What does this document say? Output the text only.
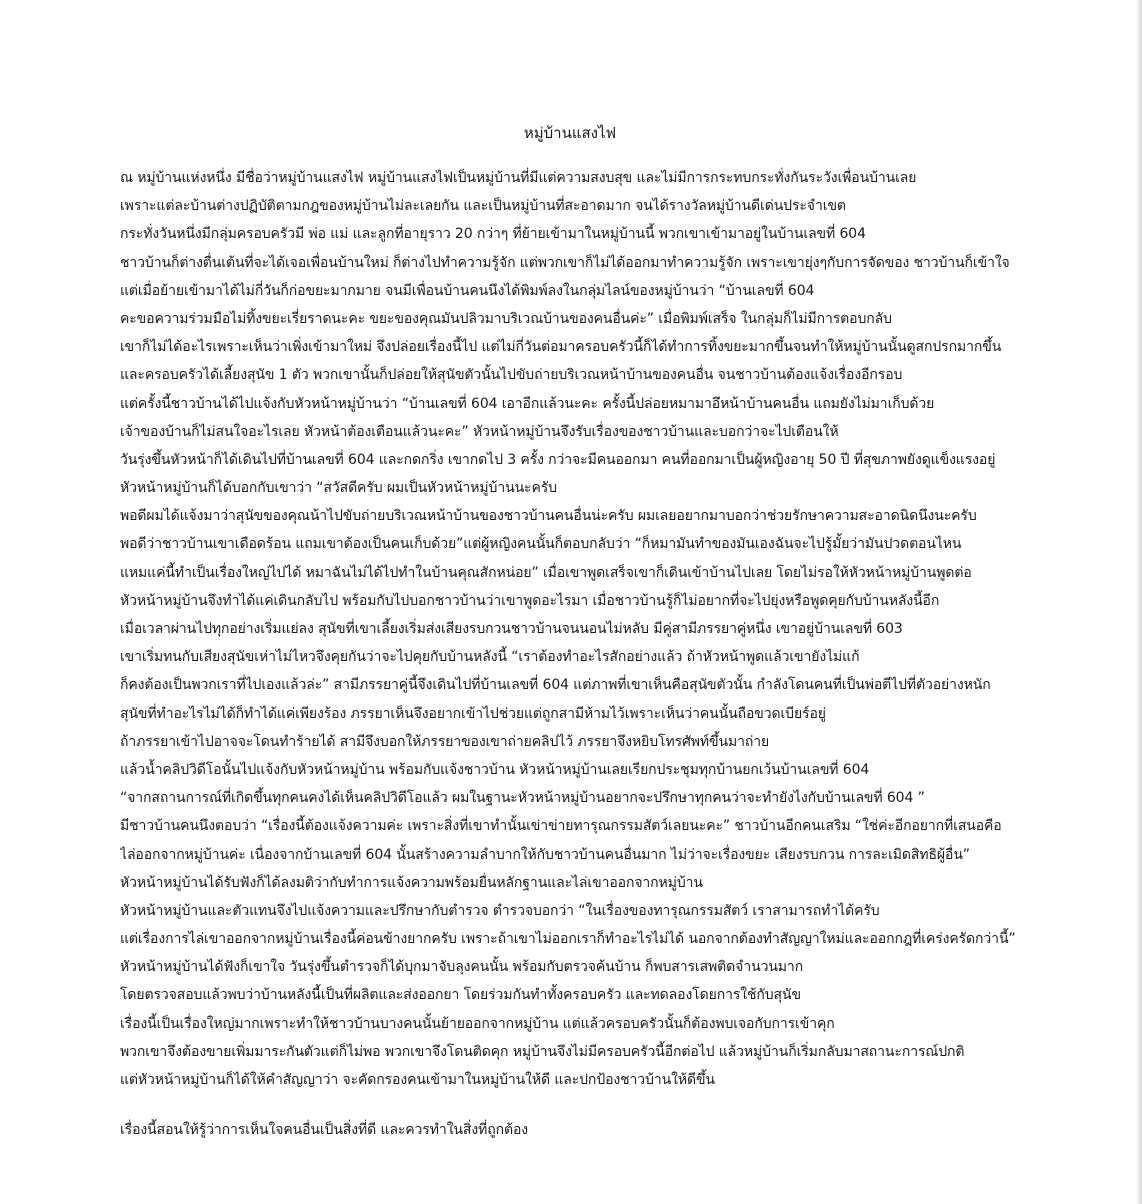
หมู่บ้านแสงไฟ
ณ หมู่บ้านแห่งหนึ่ง มีชื่อว่าหมู่บ้านแสงไฟ หมู่บ้านแสงไฟเป็นหมู่บ้านที่มีแต่ความสงบสุข และไม่มีการกระทบกระทั่งกันระวังเพื่อนบ้านเลย
เพราะแต่ละบ้านต่างปฏิบัติตามกฎของหมู่บ้านไม่ละเลยกัน และเป็นหมู่บ้านที่สะอาดมาก จนได้รางวัลหมู่บ้านดีเด่นประจำเขต
กระทั่งวันหนึ่งมีกลุ่มครอบครัวมี พ่อ แม่ และลูกที่อายุราว 20 กว่าๆ ที่ย้ายเข้ามาในหมู่บ้านนี้ พวกเขาเข้ามาอยู่ในบ้านเลขที่ 604
ชาวบ้านก็ต่างตื่นเต้นที่จะได้เจอเพื่อนบ้านใหม่ ก็ต่างไปทำความรู้จัก แต่พวกเขาก็ไม่ได้ออกมาทำความรู้จัก เพราะเขายุ่งๆกับการจัดของ ชาวบ้านก็เข้าใจ
แต่เมื่อย้ายเข้ามาได้ไม่กี่วันก็ก่อขยะมากมาย จนมีเพื่อนบ้านคนนึงได้พิมพ์ลงในกลุ่มไลน์ของหมู่บ้านว่า “บ้านเลขที่ 604
คะขอความร่วมมือไม่ทิ้งขยะเรี่ยราดนะคะ ขยะของคุณมันปลิวมาบริเวณบ้านของคนอื่นค่ะ” เมื่อพิมพ์เสร็จ ในกลุ่มก็ไม่มีการตอบกลับ
เขาก็ไม่ได้อะไรเพราะเห็นว่าเพิ่งเข้ามาใหม่ จึงปล่อยเรื่องนี้ไป แต่ไม่กี่วันต่อมาครอบครัวนี้ก็ได้ทำการทิ้งขยะมากขึ้นจนทำให้หมู่บ้านนั้นดูสกปรกมากขึ้น
และครอบครัวได้เลี้ยงสุนัข 1 ตัว พวกเขานั้นก็ปล่อยให้สุนัขตัวนั้นไปขับถ่ายบริเวณหน้าบ้านของคนอื่น จนชาวบ้านต้องแจ้งเรื่องอีกรอบ
แต่ครั้งนี้ชาวบ้านได้ไปแจ้งกับหัวหน้าหมู่บ้านว่า “บ้านเลขที่ 604 เอาอีกแล้วนะคะ ครั้งนี้ปล่อยหมามาอึหน้าบ้านคนอื่น แถมยังไม่มาเก็บด้วย
เจ้าของบ้านก็ไม่สนใจอะไรเลย หัวหน้าต้องเตือนแล้วนะคะ” หัวหน้าหมู่บ้านจึงรับเรื่องของชาวบ้านและบอกว่าจะไปเตือนให้
วันรุ่งขึ้นหัวหน้าก็ได้เดินไปที่บ้านเลขที่ 604 และกดกริ่ง เขากดไป 3 ครั้ง กว่าจะมีคนออกมา คนที่ออกมาเป็นผู้หญิงอายุ 50 ปี ที่สุขภาพยังดูแข็งแรงอยู่
หัวหน้าหมู่บ้านก็ได้บอกกับเขาว่า “สวัสดีครับ ผมเป็นหัวหน้าหมู่บ้านนะครับ
พอดีผมได้แจ้งมาว่าสุนัขของคุณน้าไปขับถ่ายบริเวณหน้าบ้านของชาวบ้านคนอื่นน่ะครับ ผมเลยอยากมาบอกว่าช่วยรักษาความสะอาดนิดนึงนะครับ
พอดีว่าชาวบ้านเขาเดือดร้อน แถมเขาต้องเป็นคนเก็บด้วย”แต่ผู้หญิงคนนั้นก็ตอบกลับว่า “ก็หมามันทำของมันเองฉันจะไปรู้มั้ยว่ามันปวดตอนไหน
แหมแค่นี้ทำเป็นเรื่องใหญ่ไปได้ หมาฉันไม่ได้ไปทำในบ้านคุณสักหน่อย” เมื่อเขาพูดเสร็จเขาก็เดินเข้าบ้านไปเลย โดยไม่รอให้หัวหน้าหมู่บ้านพูดต่อ
หัวหน้าหมู่บ้านจึงทำได้แค่เดินกลับไป พร้อมกับไปบอกชาวบ้านว่าเขาพูดอะไรมา เมื่อชาวบ้านรู้ก็ไม่อยากที่จะไปยุ่งหรือพูดคุยกับบ้านหลังนี้อีก
เมื่อเวลาผ่านไปทุกอย่างเริ่มแย่ลง สุนัขที่เขาเลี้ยงเริ่มส่งเสียงรบกวนชาวบ้านจนนอนไม่หลับ มีคู่สามีภรรยาคู่หนึ่ง เขาอยู่บ้านเลขที่ 603
เขาเริ่มทนกับเสียงสุนัขเห่าไม่ไหวจึงคุยกันว่าจะไปคุยกับบ้านหลังนี้ “เราต้องทำอะไรสักอย่างแล้ว ถ้าหัวหน้าพูดแล้วเขายังไม่แก้
ก็คงต้องเป็นพวกเราที่ไปเองแล้วล่ะ” สามีภรรยาคู่นี้จึงเดินไปที่บ้านเลขที่ 604 แต่ภาพที่เขาเห็นคือสุนัขตัวนั้น กำลังโดนคนที่เป็นพ่อตีไปที่ตัวอย่างหนัก
สุนัขที่ทำอะไรไม่ได้ก็ทำได้แค่เพียงร้อง ภรรยาเห็นจึงอยากเข้าไปช่วยแต่ถูกสามีห้ามไว้เพราะเห็นว่าคนนั้นถือขวดเบียร์อยู่
ถ้าภรรยาเข้าไปอาจจะโดนทำร้ายได้ สามีจึงบอกให้ภรรยาของเขาถ่ายคลิปไว้ ภรรยาจึงหยิบโทรศัพท์ขึ้นมาถ่าย
แล้วน้ำคลิปวิดีโอนั้นไปแจ้งกับหัวหน้าหมู่บ้าน พร้อมกับแจ้งชาวบ้าน หัวหน้าหมู่บ้านเลยเรียกประชุมทุกบ้านยกเว้นบ้านเลขที่ 604
“จากสถานการณ์ที่เกิดขึ้นทุกคนคงได้เห็นคลิปวิดีโอแล้ว ผมในฐานะหัวหน้าหมู่บ้านอยากจะปรึกษาทุกคนว่าจะทำยังไงกับบ้านเลขที่ 604 ”
มีชาวบ้านคนนึงตอบว่า “เรื่องนี้ต้องแจ้งความค่ะ เพราะสิ่งที่เขาทำนั้นเข่าข่ายทารุณกรรมสัตว์เลยนะคะ” ชาวบ้านอีกคนเสริม “ใช่ค่ะอีกอยากที่เสนอคือ
ไล่ออกจากหมู่บ้านค่ะ เนื่องจากบ้านเลขที่ 604 นั้นสร้างความลำบากให้กับชาวบ้านคนอื่นมาก ไม่ว่าจะเรื่องขยะ เสียงรบกวน การละเมิดสิทธิผู้อื่น”
หัวหน้าหมู่บ้านได้รับฟังก็ได้ลงมติว่ากับทำการแจ้งความพร้อมยื่นหลักฐานและไล่เขาออกจากหมู่บ้าน
หัวหน้าหมู่บ้านและตัวแทนจึงไปแจ้งความและปรึกษากับตำรวจ ตำรวจบอกว่า “ในเรื่องของทารุณกรรมสัตว์ เราสามารถทำได้ครับ
แต่เรื่องการไล่เขาออกจากหมู่บ้านเรื่องนี้ค่อนข้างยากครับ เพราะถ้าเขาไม่ออกเราก็ทำอะไรไม่ได้ นอกจากต้องทำสัญญาใหม่และออกกฎที่เคร่งครัดกว่านี้”
หัวหน้าหมู่บ้านได้ฟังก็เขาใจ วันรุ่งขึ้นตำรวจก็ได้บุกมาจับลุงคนนั้น พร้อมกับตรวจค้นบ้าน ก็พบสารเสพติดจำนวนมาก
โดยตรวจสอบแล้วพบว่าบ้านหลังนี้เป็นที่ผลิตและส่งออกยา โดยร่วมกันทำทั้งครอบครัว และทดลองโดยการใช้กับสุนัข
เรื่องนี้เป็นเรื่องใหญ่มากเพราะทำให้ชาวบ้านบางคนนั้นย้ายออกจากหมู่บ้าน แต่แล้วครอบครัวนั้นก็ต้องพบเจอกับการเข้าคุก
พวกเขาจึงต้องขายเพิ่มมาระกันตัวแต่ก็ไม่พอ พวกเขาจึงโดนติดคุก หมู่บ้านจึงไม่มีครอบครัวนี้อีกต่อไป แล้วหมู่บ้านก็เริ่มกลับมาสถานะการณ์ปกติ
แต่หัวหน้าหมู่บ้านก็ได้ให้คำสัญญาว่า จะคัดกรองคนเข้ามาในหมู่บ้านให้ดี และปกป้องชาวบ้านให้ดีขึ้น
เรื่องนี้สอนให้รู้ว่าการเห็นใจคนอื่นเป็นสิ่งที่ดี และควรทำในสิ่งที่ถูกต้อง
